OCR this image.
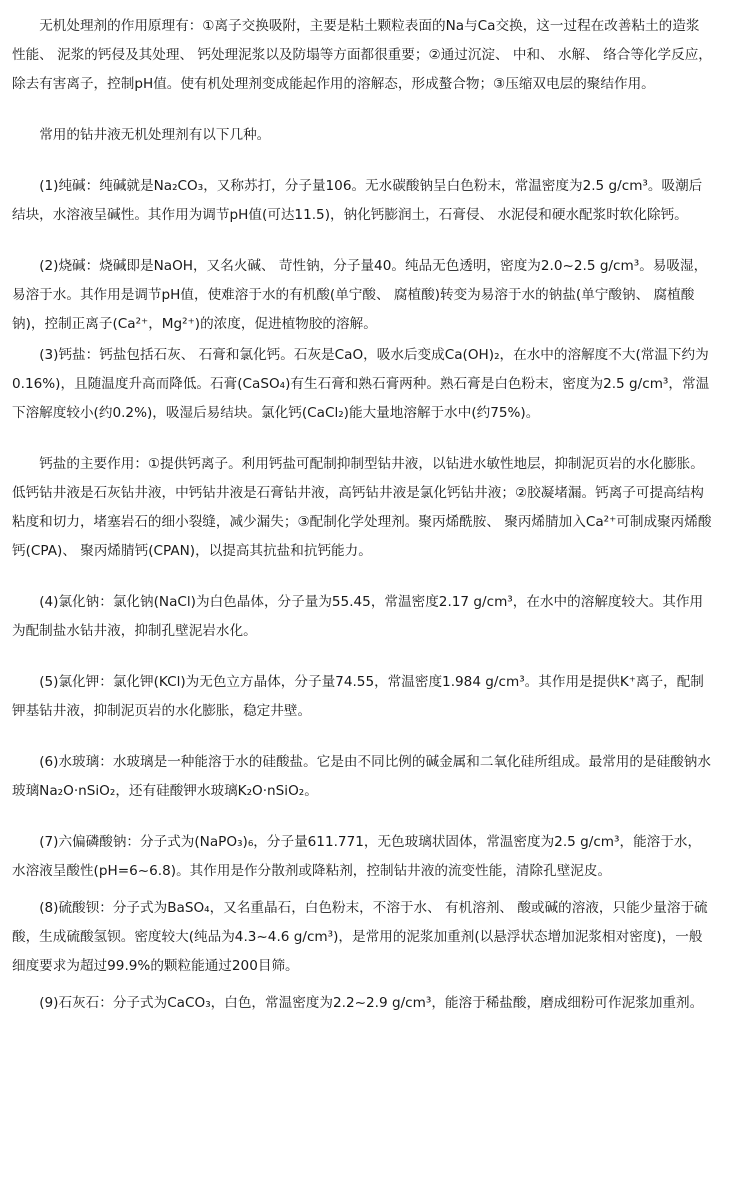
无机处理剂的作用原理有：①离子交换吸附，主要是粘土颗粒表面的Na与Ca交换，这一过程在改善粘土的造浆性能、 泥浆的钙侵及其处理、 钙处理泥浆以及防塌等方面都很重要；②通过沉淀、 中和、 水解、 络合等化学反应，除去有害离子，控制pH值。使有机处理剂变成能起作用的溶解态，形成螯合物；③压缩双电层的聚结作用。

常用的钻井液无机处理剂有以下几种。

(1)纯碱：纯碱就是Na₂CO₃，又称苏打，分子量106。无水碳酸钠呈白色粉末，常温密度为2.5 g/cm³。吸潮后结块，水溶液呈碱性。其作用为调节pH值(可达11.5)，钠化钙膨润土，石膏侵、 水泥侵和硬水配浆时软化除钙。

(2)烧碱：烧碱即是NaOH，又名火碱、 苛性钠，分子量40。纯品无色透明，密度为2.0~2.5 g/cm³。易吸湿，易溶于水。其作用是调节pH值，使难溶于水的有机酸(单宁酸、 腐植酸)转变为易溶于水的钠盐(单宁酸钠、 腐植酸钠)，控制正离子(Ca²⁺，Mg²⁺)的浓度，促进植物胶的溶解。

(3)钙盐：钙盐包括石灰、 石膏和氯化钙。石灰是CaO，吸水后变成Ca(OH)₂，在水中的溶解度不大(常温下约为0.16%)，且随温度升高而降低。石膏(CaSO₄)有生石膏和熟石膏两种。熟石膏是白色粉末，密度为2.5 g/cm³，常温下溶解度较小(约0.2%)，吸湿后易结块。氯化钙(CaCl₂)能大量地溶解于水中(约75%)。

钙盐的主要作用：①提供钙离子。利用钙盐可配制抑制型钻井液，以钻进水敏性地层，抑制泥页岩的水化膨胀。低钙钻井液是石灰钻井液，中钙钻井液是石膏钻井液，高钙钻井液是氯化钙钻井液；②胶凝堵漏。钙离子可提高结构粘度和切力，堵塞岩石的细小裂缝，减少漏失；③配制化学处理剂。聚丙烯酰胺、 聚丙烯腈加入Ca²⁺可制成聚丙烯酸钙(CPA)、 聚丙烯腈钙(CPAN)，以提高其抗盐和抗钙能力。

(4)氯化钠：氯化钠(NaCl)为白色晶体，分子量为55.45，常温密度2.17 g/cm³，在水中的溶解度较大。其作用为配制盐水钻井液，抑制孔壁泥岩水化。

(5)氯化钾：氯化钾(KCl)为无色立方晶体，分子量74.55，常温密度1.984 g/cm³。其作用是提供K⁺离子，配制钾基钻井液，抑制泥页岩的水化膨胀，稳定井壁。

(6)水玻璃：水玻璃是一种能溶于水的硅酸盐。它是由不同比例的碱金属和二氧化硅所组成。最常用的是硅酸钠水玻璃Na₂O·nSiO₂，还有硅酸钾水玻璃K₂O·nSiO₂。

(7)六偏磷酸钠：分子式为(NaPO₃)₆，分子量611.771，无色玻璃状固体，常温密度为2.5 g/cm³，能溶于水，水溶液呈酸性(pH=6~6.8)。其作用是作分散剂或降粘剂，控制钻井液的流变性能，清除孔壁泥皮。

(8)硫酸钡：分子式为BaSO₄，又名重晶石，白色粉末，不溶于水、 有机溶剂、 酸或碱的溶液，只能少量溶于硫酸，生成硫酸氢钡。密度较大(纯品为4.3~4.6 g/cm³)，是常用的泥浆加重剂(以悬浮状态增加泥浆相对密度)，一般细度要求为超过99.9%的颗粒能通过200目筛。

(9)石灰石：分子式为CaCO₃，白色，常温密度为2.2~2.9 g/cm³，能溶于稀盐酸，磨成细粉可作泥浆加重剂。
